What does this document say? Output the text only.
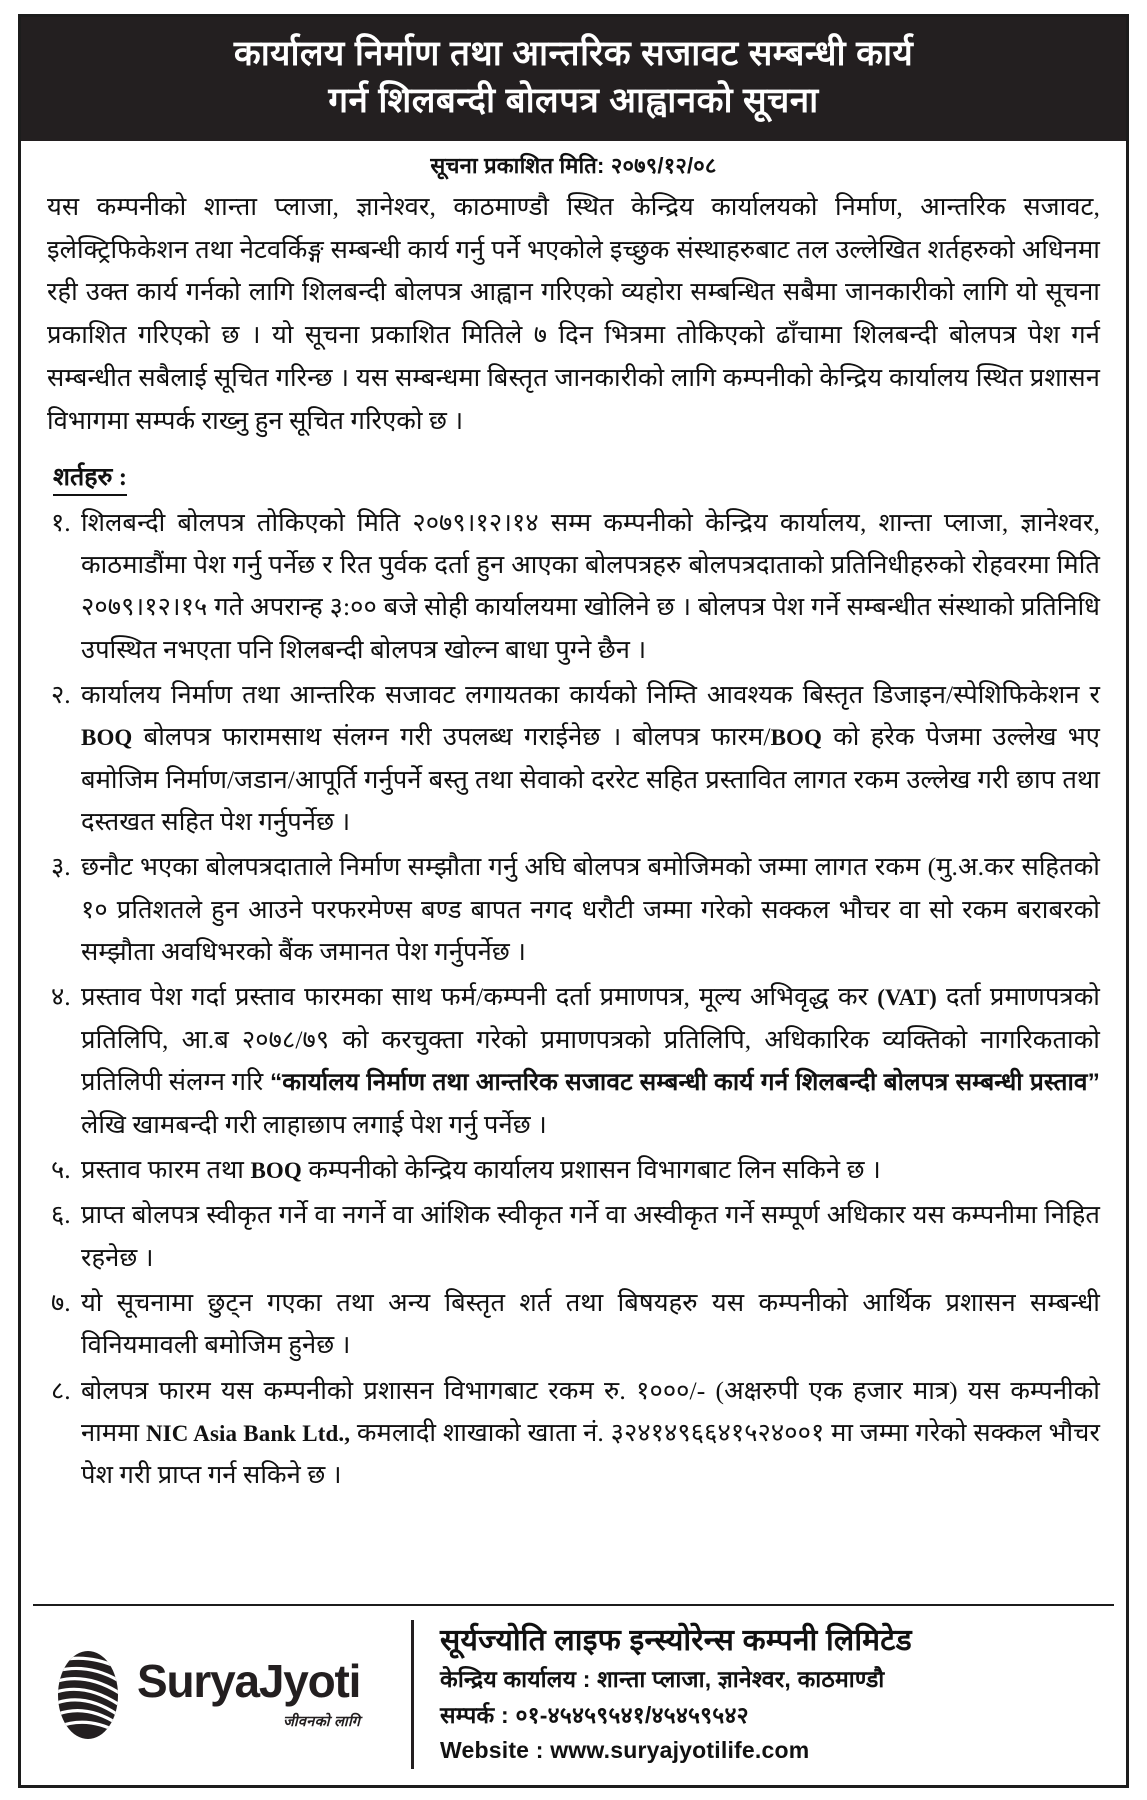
कार्यालय निर्माण तथा आन्तरिक सजावट सम्बन्धी कार्य
गर्न शिलबन्दी बोलपत्र आह्वानको सूचना
सूचना प्रकाशित मिति: २०७९/१२/०८

यस कम्पनीको शान्ता प्लाजा, ज्ञानेश्वर, काठमाण्डौ स्थित केन्द्रिय कार्यालयको निर्माण, आन्तरिक सजावट, इलेक्ट्रिफिकेशन तथा नेटवर्किङ्ग सम्बन्धी कार्य गर्नु पर्ने भएकोले इच्छुक संस्थाहरुबाट तल उल्लेखित शर्तहरुको अधिनमा रही उक्त कार्य गर्नको लागि शिलबन्दी बोलपत्र आह्वान गरिएको व्यहोरा सम्बन्धित सबैमा जानकारीको लागि यो सूचना प्रकाशित गरिएको छ । यो सूचना प्रकाशित मितिले ७ दिन भित्रमा तोकिएको ढाँचामा शिलबन्दी बोलपत्र पेश गर्न सम्बन्धीत सबैलाई सूचित गरिन्छ । यस सम्बन्धमा बिस्तृत जानकारीको लागि कम्पनीको केन्द्रिय कार्यालय स्थित प्रशासन विभागमा सम्पर्क राख्नु हुन सूचित गरिएको छ ।

शर्तहरु :
१. शिलबन्दी बोलपत्र तोकिएको मिति २०७९।१२।१४ सम्म कम्पनीको केन्द्रिय कार्यालय, शान्ता प्लाजा, ज्ञानेश्वर, काठमाडौंमा पेश गर्नु पर्नेछ र रित पुर्वक दर्ता हुन आएका बोलपत्रहरु बोलपत्रदाताको प्रतिनिधीहरुको रोहवरमा मिति २०७९।१२।१५ गते अपरान्ह ३:०० बजे सोही कार्यालयमा खोलिने छ । बोलपत्र पेश गर्ने सम्बन्धीत संस्थाको प्रतिनिधि उपस्थित नभएता पनि शिलबन्दी बोलपत्र खोल्न बाधा पुग्ने छैन ।
२. कार्यालय निर्माण तथा आन्तरिक सजावट लगायतका कार्यको निम्ति आवश्यक बिस्तृत डिजाइन/स्पेशिफिकेशन र BOQ बोलपत्र फारामसाथ संलग्न गरी उपलब्ध गराईनेछ । बोलपत्र फारम/BOQ को हरेक पेजमा उल्लेख भए बमोजिम निर्माण/जडान/आपूर्ति गर्नुपर्ने बस्तु तथा सेवाको दररेट सहित प्रस्तावित लागत रकम उल्लेख गरी छाप तथा दस्तखत सहित पेश गर्नुपर्नेछ ।
३. छनौट भएका बोलपत्रदाताले निर्माण सम्झौता गर्नु अघि बोलपत्र बमोजिमको जम्मा लागत रकम (मु.अ.कर सहितको १० प्रतिशतले हुन आउने परफरमेण्स बण्ड बापत नगद धरौटी जम्मा गरेको सक्कल भौचर वा सो रकम बराबरको सम्झौता अवधिभरको बैंक जमानत पेश गर्नुपर्नेछ ।
४. प्रस्ताव पेश गर्दा प्रस्ताव फारमका साथ फर्म/कम्पनी दर्ता प्रमाणपत्र, मूल्य अभिवृद्ध कर (VAT) दर्ता प्रमाणपत्रको प्रतिलिपि, आ.ब २०७८/७९ को करचुक्ता गरेको प्रमाणपत्रको प्रतिलिपि, अधिकारिक व्यक्तिको नागरिकताको प्रतिलिपी संलग्न गरि “कार्यालय निर्माण तथा आन्तरिक सजावट सम्बन्धी कार्य गर्न शिलबन्दी बोलपत्र सम्बन्धी प्रस्ताव” लेखि खामबन्दी गरी लाहाछाप लगाई पेश गर्नु पर्नेछ ।
५. प्रस्ताव फारम तथा BOQ कम्पनीको केन्द्रिय कार्यालय प्रशासन विभागबाट लिन सकिने छ ।
६. प्राप्त बोलपत्र स्वीकृत गर्ने वा नगर्ने वा आंशिक स्वीकृत गर्ने वा अस्वीकृत गर्ने सम्पूर्ण अधिकार यस कम्पनीमा निहित रहनेछ ।
७. यो सूचनामा छुट्न गएका तथा अन्य बिस्तृत शर्त तथा बिषयहरु यस कम्पनीको आर्थिक प्रशासन सम्बन्धी विनियमावली बमोजिम हुनेछ ।
८. बोलपत्र फारम यस कम्पनीको प्रशासन विभागबाट रकम रु. १०००/- (अक्षरुपी एक हजार मात्र) यस कम्पनीको नाममा NIC Asia Bank Ltd., कमलादी शाखाको खाता नं. ३२४१४९६६४१५२४००१ मा जम्मा गरेको सक्कल भौचर पेश गरी प्राप्त गर्न सकिने छ ।
SuryaJyoti
जीवनको लागि
सूर्यज्योति लाइफ इन्स्योरेन्स कम्पनी लिमिटेड
केन्द्रिय कार्यालय : शान्ता प्लाजा, ज्ञानेश्वर, काठमाण्डौ
सम्पर्क : ०१-४५४५९५४१/४५४५९५४२
Website : www.suryajyotilife.com
